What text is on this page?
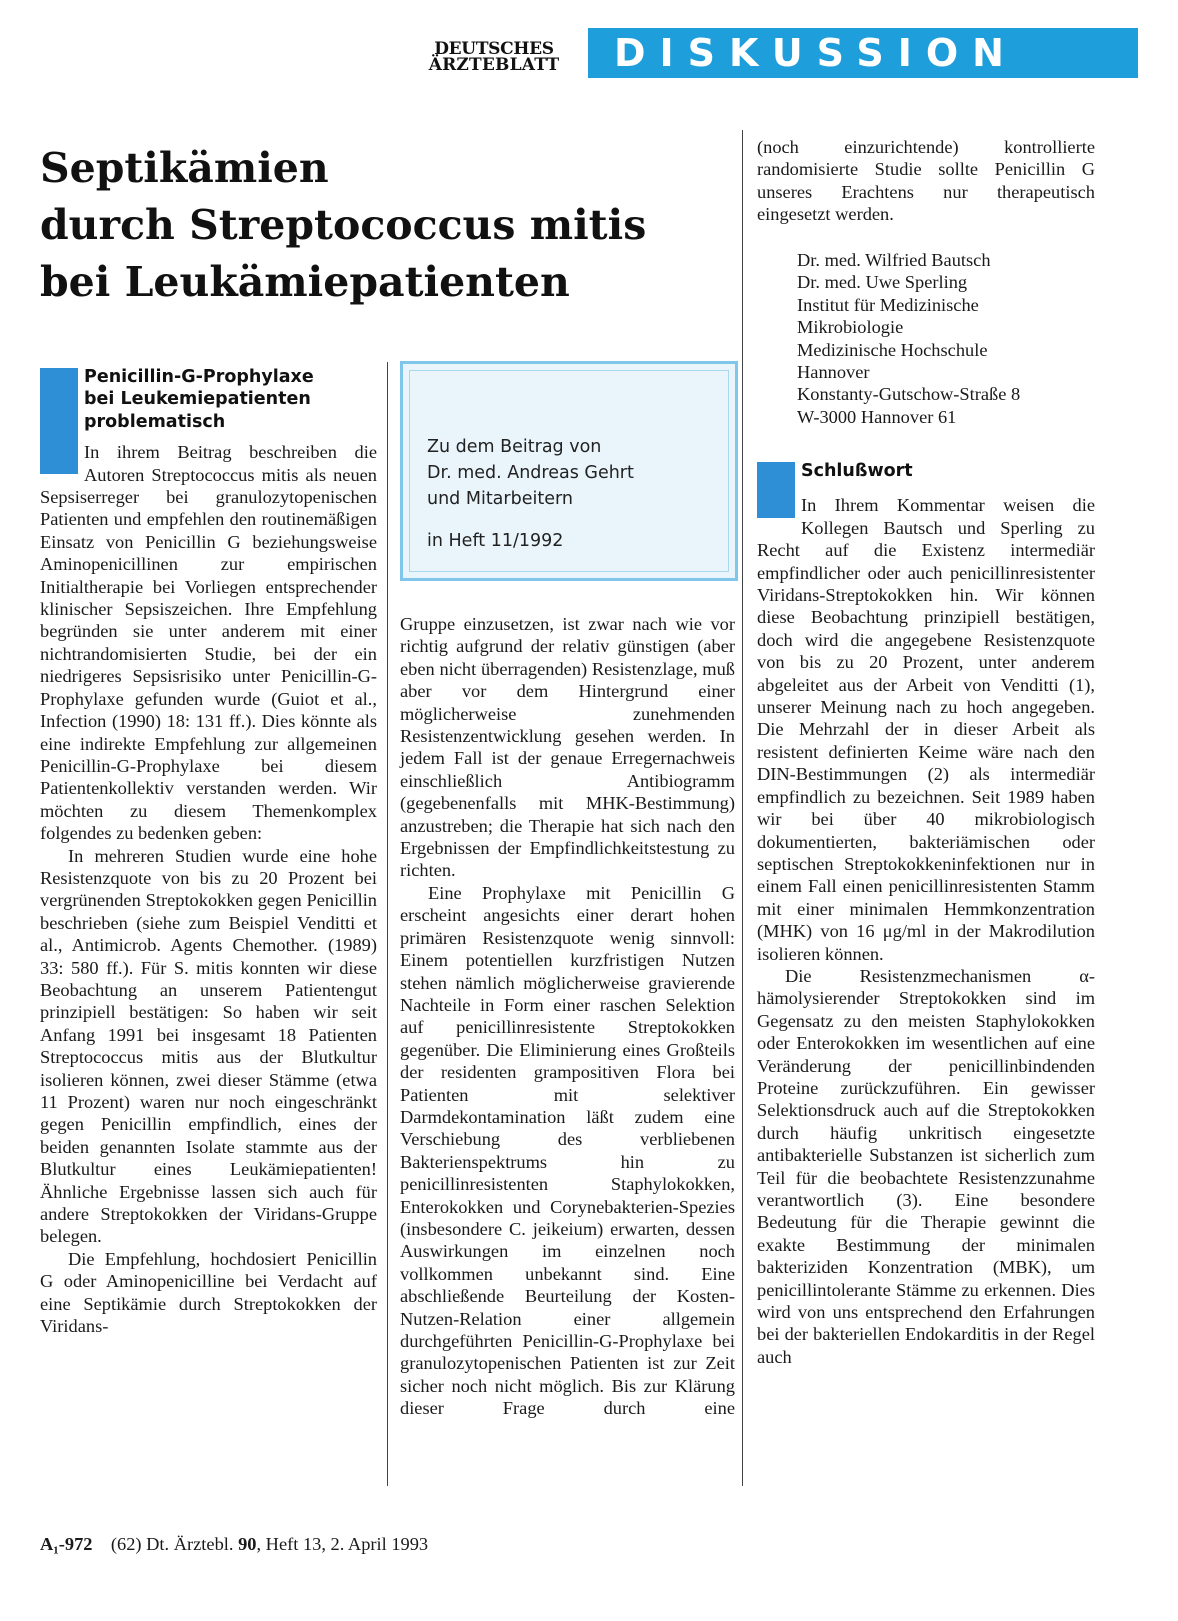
DEUTSCHES
ÄRZTEBLATT	DISKUSSION
Septikämien
durch Streptococcus mitis
bei Leukämiepatienten
Penicillin-G-Prophylaxe
bei Leukemiepatienten
problematisch

In ihrem Beitrag beschreiben die Autoren Streptococcus mitis als neuen Sepsiserreger bei granulozytopenischen Patienten und empfehlen den routinemäßigen Einsatz von Penicillin G beziehungsweise Aminopenicillinen zur empirischen Initialtherapie bei Vorliegen entsprechender klinischer Sepsiszeichen. Ihre Empfehlung begründen sie unter anderem mit einer nichtrandomisierten Studie, bei der ein niedrigeres Sepsisrisiko unter Penicillin-G-Prophylaxe gefunden wurde (Guiot et al., Infection (1990) 18: 131 ff.). Dies könnte als eine indirekte Empfehlung zur allgemeinen Penicillin-G-Prophylaxe bei diesem Patientenkollektiv verstanden werden. Wir möchten zu diesem Themenkomplex folgendes zu bedenken geben:

In mehreren Studien wurde eine hohe Resistenzquote von bis zu 20 Prozent bei vergrünenden Streptokokken gegen Penicillin beschrieben (siehe zum Beispiel Venditti et al., Antimicrob. Agents Chemother. (1989) 33: 580 ff.). Für S. mitis konnten wir diese Beobachtung an unserem Patientengut prinzipiell bestätigen: So haben wir seit Anfang 1991 bei insgesamt 18 Patienten Streptococcus mitis aus der Blutkultur isolieren können, zwei dieser Stämme (etwa 11 Prozent) waren nur noch eingeschränkt gegen Penicillin empfindlich, eines der beiden genannten Isolate stammte aus der Blutkultur eines Leukämiepatienten! Ähnliche Ergebnisse lassen sich auch für andere Streptokokken der Viridans-Gruppe belegen.

Die Empfehlung, hochdosiert Penicillin G oder Aminopenicilline bei Verdacht auf eine Septikämie durch Streptokokken der Viridans-

Zu dem Beitrag von
Dr. med. Andreas Gehrt
und Mitarbeitern
in Heft 11/1992

Gruppe einzusetzen, ist zwar nach wie vor richtig aufgrund der relativ günstigen (aber eben nicht überragenden) Resistenzlage, muß aber vor dem Hintergrund einer möglicherweise zunehmenden Resistenzentwicklung gesehen werden. In jedem Fall ist der genaue Erregernachweis einschließlich Antibiogramm (gegebenenfalls mit MHK-Bestimmung) anzustreben; die Therapie hat sich nach den Ergebnissen der Empfindlichkeitstestung zu richten.

Eine Prophylaxe mit Penicillin G erscheint angesichts einer derart hohen primären Resistenzquote wenig sinnvoll: Einem potentiellen kurzfristigen Nutzen stehen nämlich möglicherweise gravierende Nachteile in Form einer raschen Selektion auf penicillinresistente Streptokokken gegenüber. Die Eliminierung eines Großteils der residenten grampositiven Flora bei Patienten mit selektiver Darmdekontamination läßt zudem eine Verschiebung des verbliebenen Bakterienspektrums hin zu penicillinresistenten Staphylokokken, Enterokokken und Corynebakterien-Spezies (insbesondere C. jeikeium) erwarten, dessen Auswirkungen im einzelnen noch vollkommen unbekannt sind. Eine abschließende Beurteilung der Kosten-Nutzen-Relation einer allgemein durchgeführten Penicillin-G-Prophylaxe bei granulozytopenischen Patienten ist zur Zeit sicher noch nicht möglich. Bis zur Klärung dieser Frage durch eine

(noch einzurichtende) kontrollierte randomisierte Studie sollte Penicillin G unseres Erachtens nur therapeutisch eingesetzt werden.

Dr. med. Wilfried Bautsch
Dr. med. Uwe Sperling
Institut für Medizinische
Mikrobiologie
Medizinische Hochschule
Hannover
Konstanty-Gutschow-Straße 8
W-3000 Hannover 61
Schlußwort

In Ihrem Kommentar weisen die Kollegen Bautsch und Sperling zu Recht auf die Existenz intermediär empfindlicher oder auch penicillinresistenter Viridans-Streptokokken hin. Wir können diese Beobachtung prinzipiell bestätigen, doch wird die angegebene Resistenzquote von bis zu 20 Prozent, unter anderem abgeleitet aus der Arbeit von Venditti (1), unserer Meinung nach zu hoch angegeben. Die Mehrzahl der in dieser Arbeit als resistent definierten Keime wäre nach den DIN-Bestimmungen (2) als intermediär empfindlich zu bezeichnen. Seit 1989 haben wir bei über 40 mikrobiologisch dokumentierten, bakteriämischen oder septischen Streptokokkeninfektionen nur in einem Fall einen penicillinresistenten Stamm mit einer minimalen Hemmkonzentration (MHK) von 16 μg/ml in der Makrodilution isolieren können.

Die Resistenzmechanismen α-hämolysierender Streptokokken sind im Gegensatz zu den meisten Staphylokokken oder Enterokokken im wesentlichen auf eine Veränderung der penicillinbindenden Proteine zurückzuführen. Ein gewisser Selektionsdruck auch auf die Streptokokken durch häufig unkritisch eingesetzte antibakterielle Substanzen ist sicherlich zum Teil für die beobachtete Resistenzzunahme verantwortlich (3). Eine besondere Bedeutung für die Therapie gewinnt die exakte Bestimmung der minimalen bakteriziden Konzentration (MBK), um penicillintolerante Stämme zu erkennen. Dies wird von uns entsprechend den Erfahrungen bei der bakteriellen Endokarditis in der Regel auch

A₁-972 (62) Dt. Ärztebl. 90, Heft 13, 2. April 1993
